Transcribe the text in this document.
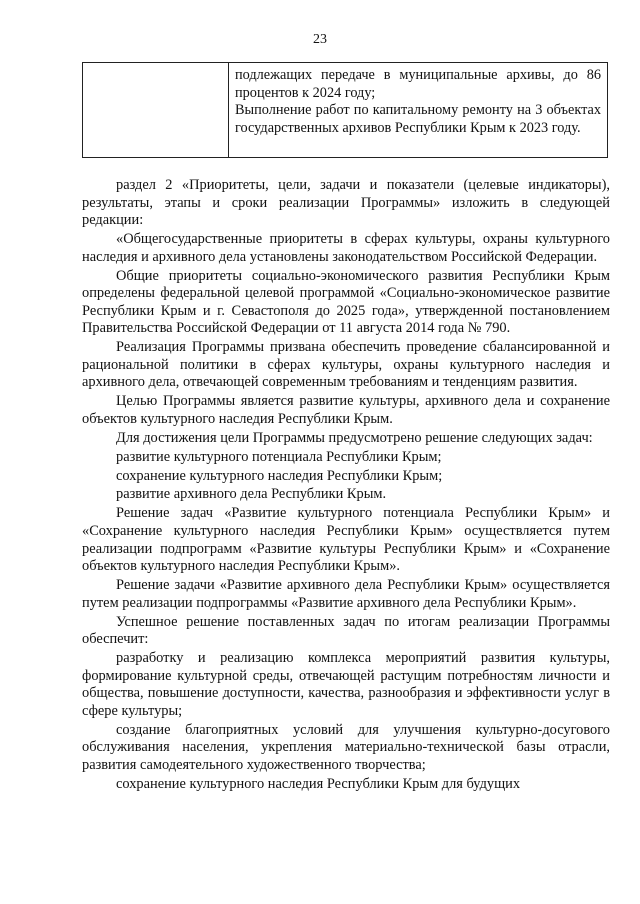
23

подлежащих передаче в муниципальные архивы, до 86 процентов к 2024 году;

Выполнение работ по капитальному ремонту на 3 объектах государственных архивов Республики Крым к 2023 году.

раздел 2 «Приоритеты, цели, задачи и показатели (целевые индикаторы), результаты, этапы и сроки реализации Программы» изложить в следующей редакции:

«Общегосударственные приоритеты в сферах культуры, охраны культурного наследия и архивного дела установлены законодательством Российской Федерации.

Общие приоритеты социально-экономического развития Республики Крым определены федеральной целевой программой «Социально-экономическое развитие Республики Крым и г. Севастополя до 2025 года», утвержденной постановлением Правительства Российской Федерации от 11 августа 2014 года № 790.

Реализация Программы призвана обеспечить проведение сбалансированной и рациональной политики в сферах культуры, охраны культурного наследия и архивного дела, отвечающей современным требованиям и тенденциям развития.

Целью Программы является развитие культуры, архивного дела и сохранение объектов культурного наследия Республики Крым.

Для достижения цели Программы предусмотрено решение следующих задач:

развитие культурного потенциала Республики Крым;

сохранение культурного наследия Республики Крым;

развитие архивного дела Республики Крым.

Решение задач «Развитие культурного потенциала Республики Крым» и «Сохранение культурного наследия Республики Крым» осуществляется путем реализации подпрограмм «Развитие культуры Республики Крым» и «Сохранение объектов культурного наследия Республики Крым».

Решение задачи «Развитие архивного дела Республики Крым» осуществляется путем реализации подпрограммы «Развитие архивного дела Республики Крым».

Успешное решение поставленных задач по итогам реализации Программы обеспечит:

разработку и реализацию комплекса мероприятий развития культуры, формирование культурной среды, отвечающей растущим потребностям личности и общества, повышение доступности, качества, разнообразия и эффективности услуг в сфере культуры;

создание благоприятных условий для улучшения культурно-досугового обслуживания населения, укрепления материально-технической базы отрасли, развития самодеятельного художественного творчества;

сохранение культурного наследия Республики Крым для будущих
